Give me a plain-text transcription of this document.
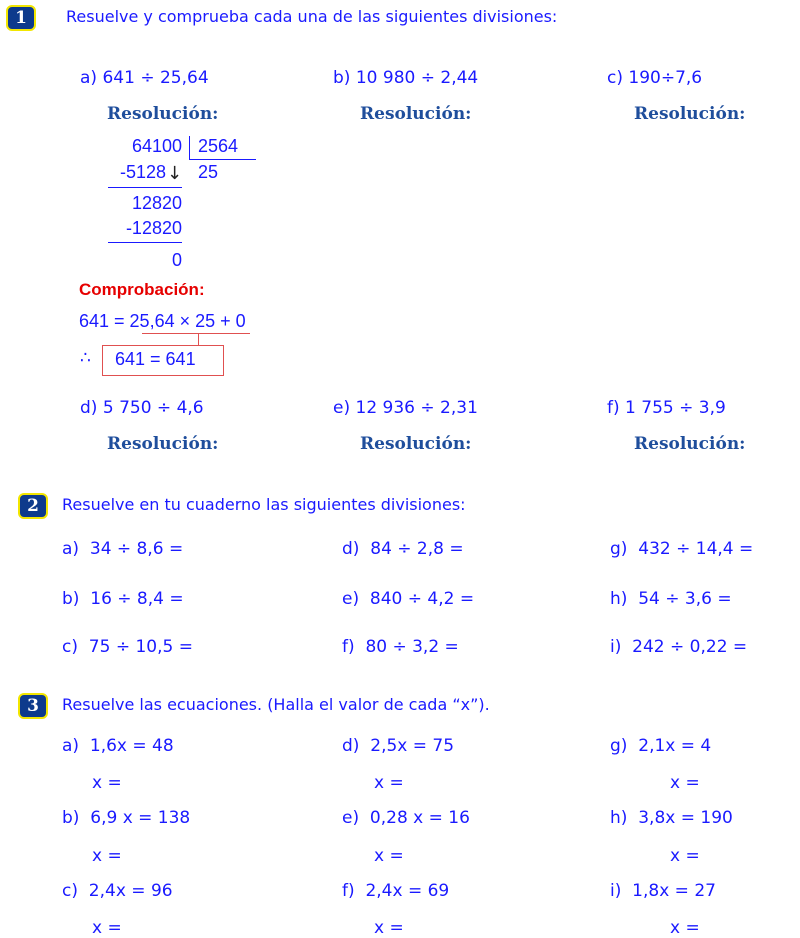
1	Resuelve y comprueba cada una de las siguientes divisiones:
a) 641 ÷ 25,64	b) 10 980 ÷ 2,44	c) 190÷7,6
Resolución:	Resolución:	Resolución:
64100 2564
25
-5128 ↓
12820
-12820
0
Comprobación:
641 = 25,64 × 25 + 0
∴ 641 = 641
d) 5 750 ÷ 4,6	e) 12 936 ÷ 2,31	f) 1 755 ÷ 3,9
Resolución:	Resolución:	Resolución:
2	Resuelve en tu cuaderno las siguientes divisiones:
a) 34 ÷ 8,6 =
b) 16 ÷ 8,4 =
c) 75 ÷ 10,5 =
d) 84 ÷ 2,8 =
e) 840 ÷ 4,2 =
f) 80 ÷ 3,2 =
g) 432 ÷ 14,4 =
h) 54 ÷ 3,6 =
i) 242 ÷ 0,22 =
3	Resuelve las ecuaciones. (Halla el valor de cada “x”).
a) 1,6x = 48
x =
b) 6,9 x = 138
x =
c) 2,4x = 96
x =
d) 2,5x = 75
x =
e) 0,28 x = 16
x =
f) 2,4x = 69
x =
g) 2,1x = 4
x =
h) 3,8x = 190
x =
i) 1,8x = 27
x =
